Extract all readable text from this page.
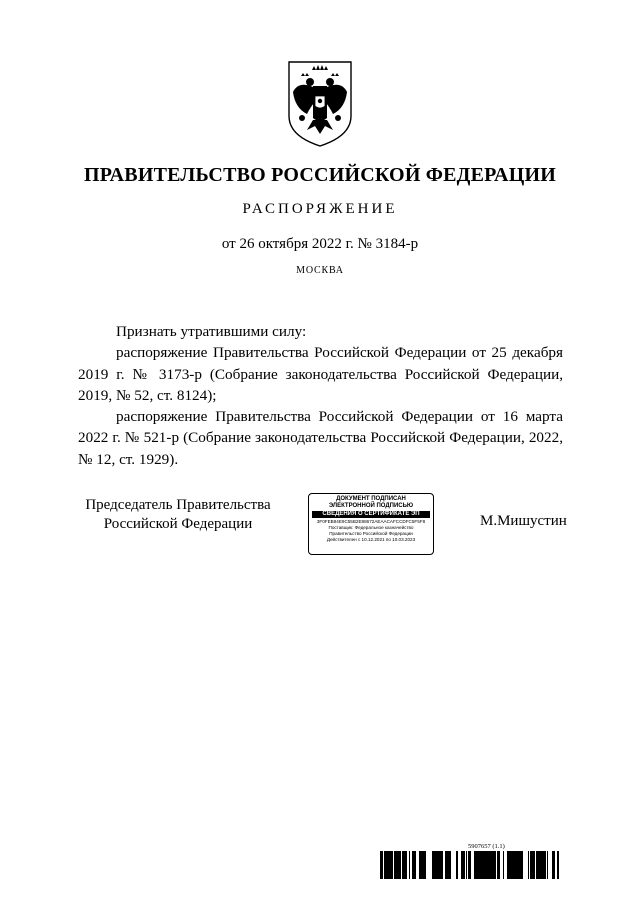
ПРАВИТЕЛЬСТВО РОССИЙСКОЙ ФЕДЕРАЦИИ
РАСПОРЯЖЕНИЕ
от 26 октября 2022 г. № 3184-р
МОСКВА

Признать утратившими силу:

распоряжение Правительства Российской Федерации от 25 декабря 2019 г. № 3173-р (Собрание законодательства Российской Федерации, 2019, № 52, ст. 8124);

распоряжение Правительства Российской Федерации от 16 марта 2022 г. № 521-р (Собрание законодательства Российской Федерации, 2022, № 12, ст. 1929).

Председатель Правительства
Российской Федерации
ДОКУМЕНТ ПОДПИСАН
ЭЛЕКТРОННОЙ ПОДПИСЬЮ
СВЕДЕНИЯ О СЕРТИФИКАТЕ ЭП
3F0FEB94E9C55B2E88672AEAACAFCCDFC5F5F8
Поставщик: Федеральное казначейство
Правительство Российской Федерации
Действителен с 10.12.2021 по 10.03.2023
М.Мишустин
5907657 (1.1)
